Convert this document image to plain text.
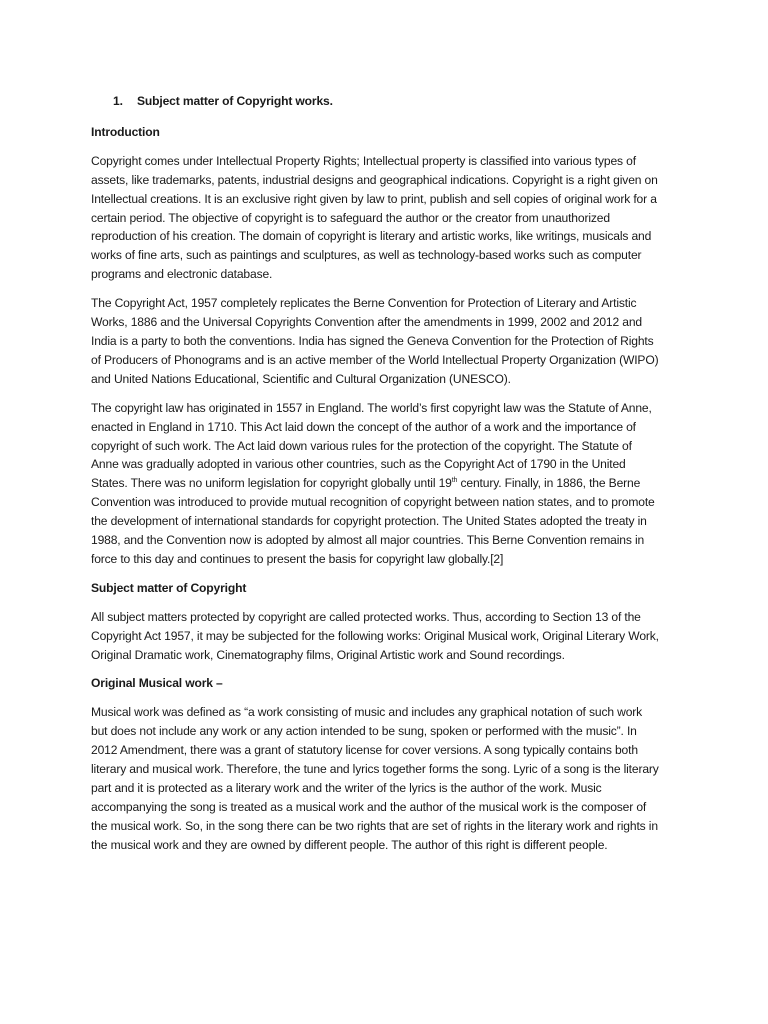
1.	Subject matter of Copyright works.
Introduction

Copyright comes under Intellectual Property Rights; Intellectual property is classified into various types of assets, like trademarks, patents, industrial designs and geographical indications. Copyright is a right given on Intellectual creations. It is an exclusive right given by law to print, publish and sell copies of original work for a certain period. The objective of copyright is to safeguard the author or the creator from unauthorized reproduction of his creation. The domain of copyright is literary and artistic works, like writings, musicals and works of fine arts, such as paintings and sculptures, as well as technology-based works such as computer programs and electronic database.

The Copyright Act, 1957 completely replicates the Berne Convention for Protection of Literary and Artistic Works, 1886 and the Universal Copyrights Convention after the amendments in 1999, 2002 and 2012 and India is a party to both the conventions. India has signed the Geneva Convention for the Protection of Rights of Producers of Phonograms and is an active member of the World Intellectual Property Organization (WIPO) and United Nations Educational, Scientific and Cultural Organization (UNESCO).

The copyright law has originated in 1557 in England. The world’s first copyright law was the Statute of Anne, enacted in England in 1710. This Act laid down the concept of the author of a work and the importance of copyright of such work. The Act laid down various rules for the protection of the copyright. The Statute of Anne was gradually adopted in various other countries, such as the Copyright Act of 1790 in the United States. There was no uniform legislation for copyright globally until 19th century. Finally, in 1886, the Berne Convention was introduced to provide mutual recognition of copyright between nation states, and to promote the development of international standards for copyright protection. The United States adopted the treaty in 1988, and the Convention now is adopted by almost all major countries. This Berne Convention remains in force to this day and continues to present the basis for copyright law globally.[2]

Subject matter of Copyright

All subject matters protected by copyright are called protected works. Thus, according to Section 13 of the Copyright Act 1957, it may be subjected for the following works: Original Musical work, Original Literary Work, Original Dramatic work, Cinematography films, Original Artistic work and Sound recordings.

Original Musical work –

Musical work was defined as “a work consisting of music and includes any graphical notation of such work but does not include any work or any action intended to be sung, spoken or performed with the music”. In 2012 Amendment, there was a grant of statutory license for cover versions. A song typically contains both literary and musical work. Therefore, the tune and lyrics together forms the song. Lyric of a song is the literary part and it is protected as a literary work and the writer of the lyrics is the author of the work. Music accompanying the song is treated as a musical work and the author of the musical work is the composer of the musical work. So, in the song there can be two rights that are set of rights in the literary work and rights in the musical work and they are owned by different people. The author of this right is different people.
